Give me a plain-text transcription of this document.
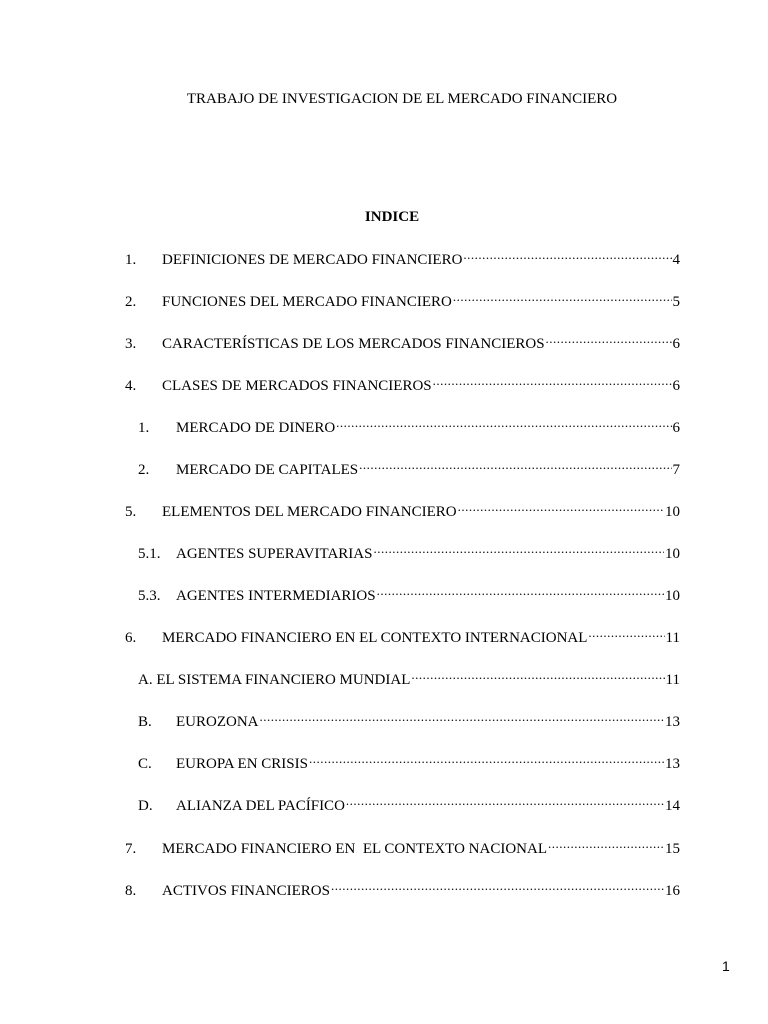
TRABAJO DE INVESTIGACION DE EL MERCADO FINANCIERO
INDICE
1.	DEFINICIONES DE MERCADO FINANCIERO .....	4
2.	FUNCIONES DEL MERCADO FINANCIERO .....	5
3.	CARACTERÍSTICAS DE LOS MERCADOS FINANCIEROS .....	6
4.	CLASES DE MERCADOS FINANCIEROS .....	6
1.	MERCADO DE DINERO .....	6
2.	MERCADO DE CAPITALES .....	7
5.	ELEMENTOS DEL MERCADO FINANCIERO .....	10
5.1.	AGENTES SUPERAVITARIAS .....	10
5.3.	AGENTES INTERMEDIARIOS .....	10
6.	MERCADO FINANCIERO EN EL CONTEXTO INTERNACIONAL .....	11
A. EL SISTEMA FINANCIERO MUNDIAL .....	11
B.	EUROZONA .....	13
C.	EUROPA EN CRISIS .....	13
D.	ALIANZA DEL PACÍFICO .....	14
7.	MERCADO FINANCIERO EN  EL CONTEXTO NACIONAL .....	15
8.	ACTIVOS FINANCIEROS .....	16
1
